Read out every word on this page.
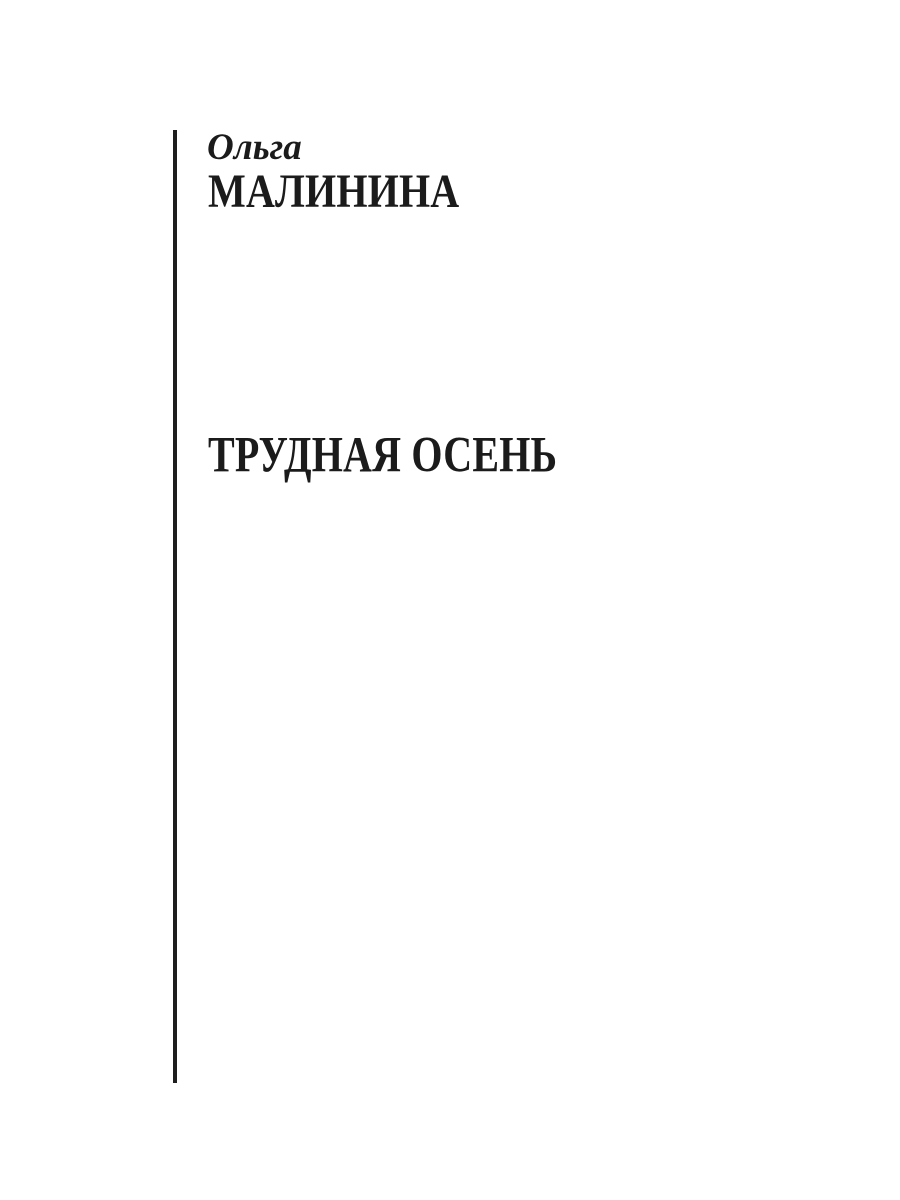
Ольга
МАЛИНИНА
ТРУДНАЯ ОСЕНЬ
